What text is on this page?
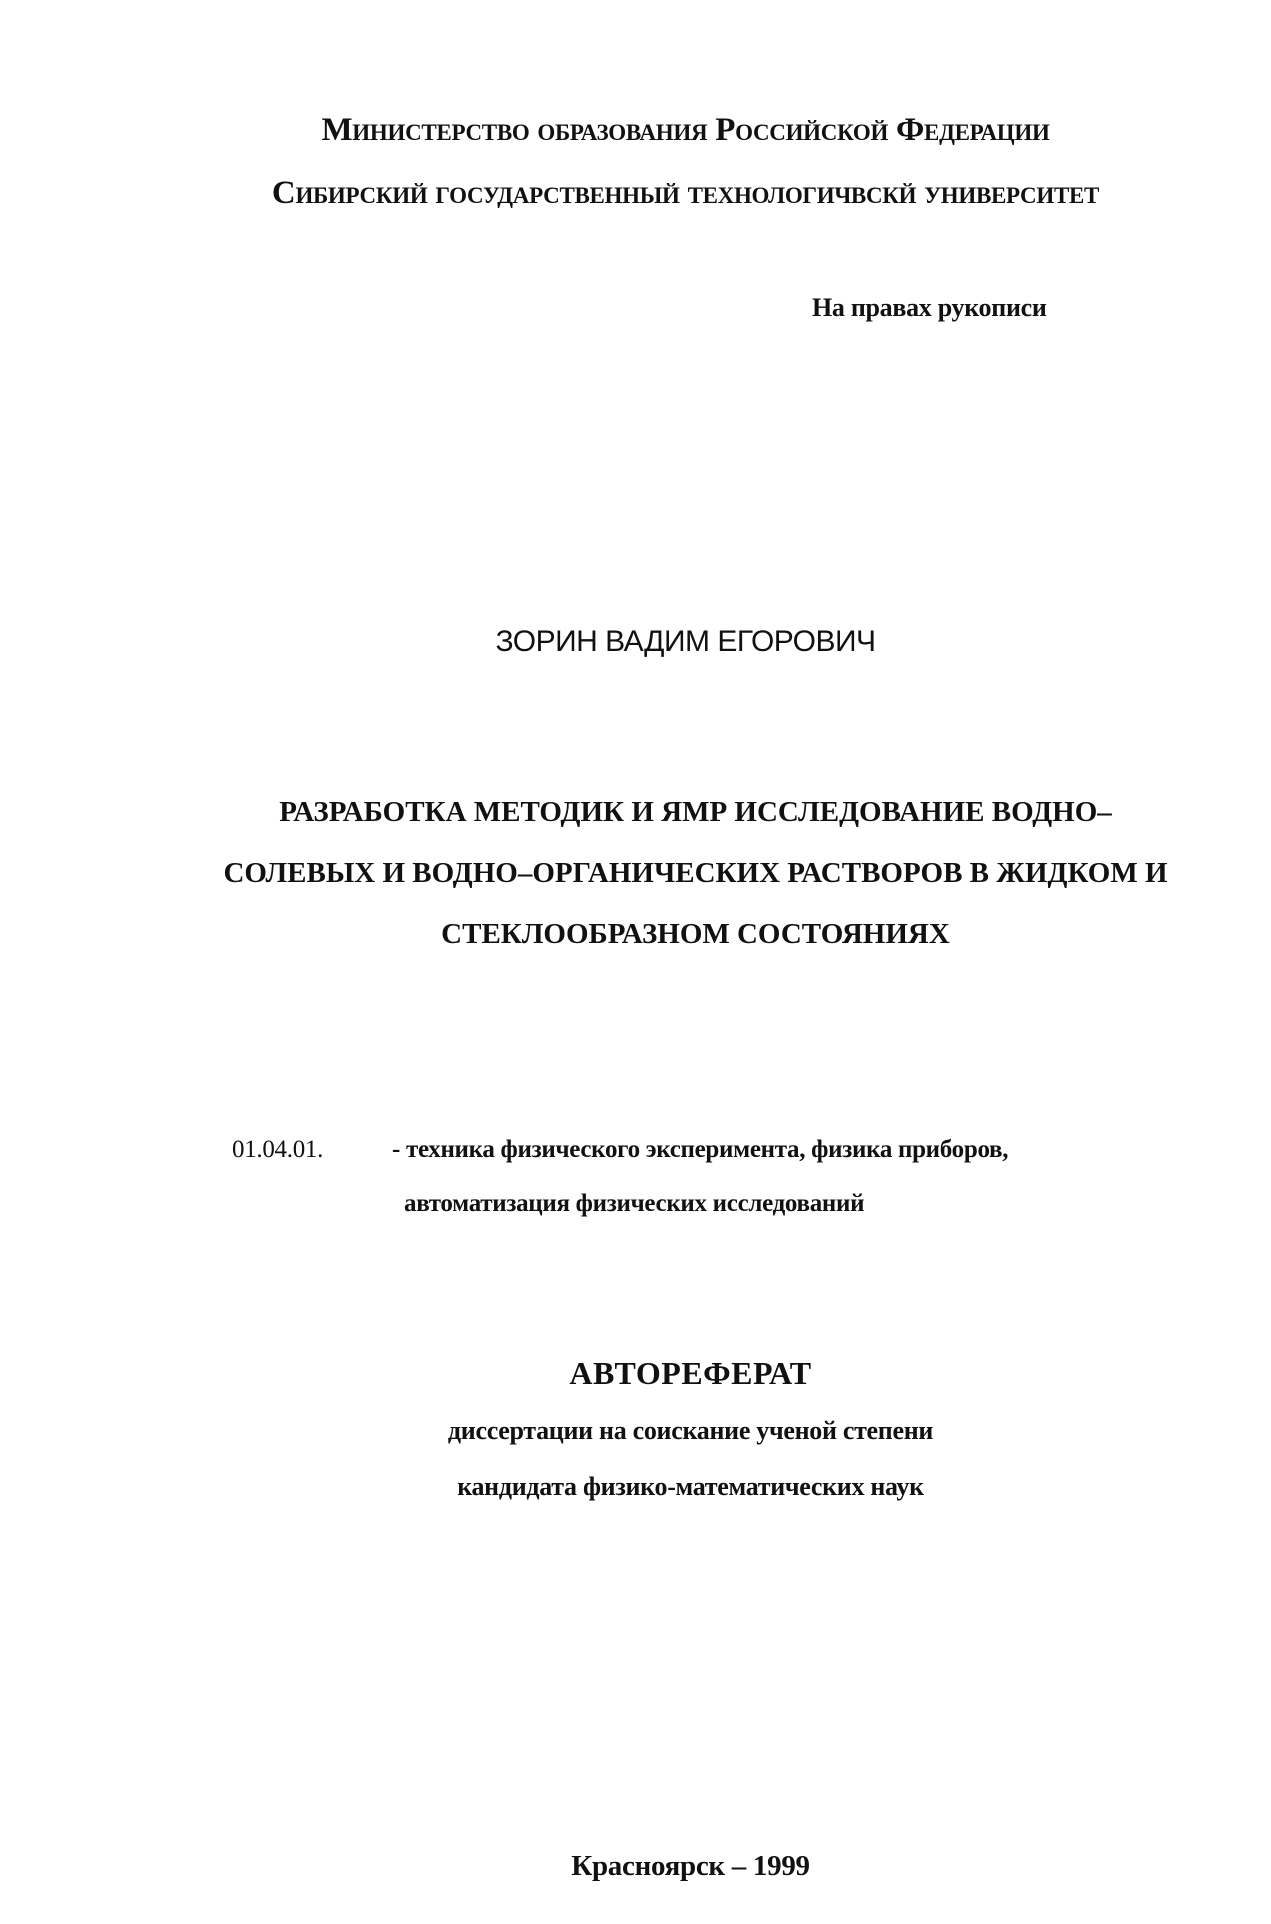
Министерство образования Российской Федерации
Сибирский государственный технологичвскй университет
На правах рукописи
ЗОРИН ВАДИМ ЕГОРОВИЧ
РАЗРАБОТКА МЕТОДИК И ЯМР ИССЛЕДОВАНИЕ ВОДНО–
СОЛЕВЫХ И ВОДНО–ОРГАНИЧЕСКИХ РАСТВОРОВ В ЖИДКОМ И
СТЕКЛООБРАЗНОМ СОСТОЯНИЯХ
01.04.01.	- техника физического эксперимента, физика приборов,
автоматизация физических исследований
АВТОРЕФЕРАТ
диссертации на соискание ученой степени
кандидата физико-математических наук
Красноярск – 1999
